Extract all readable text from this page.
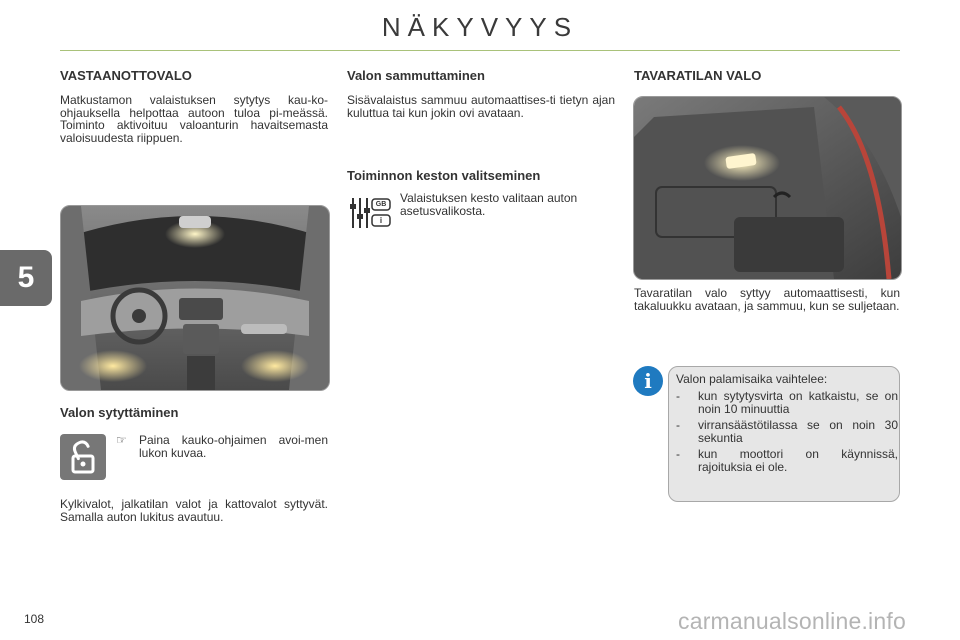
NÄKYVYYS
5
VASTAANOTTOVALO

Matkustamon valaistuksen sytytys kau-ko-ohjauksella helpottaa autoon tuloa pi-meässä. Toiminto aktivoituu valoanturin havaitsemasta valoisuudesta riippuen.

Valon sytyttäminen
☞	Paina kauko-ohjaimen avoi-men lukon kuvaa.

Kylkivalot, jalkatilan valot ja kattovalot syttyvät. Samalla auton lukitus avautuu.

Valon sammuttaminen

Sisävalaistus sammuu automaattises-ti tietyn ajan kuluttua tai kun jokin ovi avataan.

Toiminnon keston valitseminen
GB
i

Valaistuksen kesto valitaan auton asetusvalikosta.

TAVARATILAN VALO

Tavaratilan valo syttyy automaattisesti, kun takaluukku avataan, ja sammuu, kun se suljetaan.

i Valon palamisaika vaihtelee:
- kun sytytysvirta on katkaistu, se on noin 10 minuuttia
- virransäästötilassa se on noin 30 sekuntia
- kun moottori on käynnissä, rajoituksia ei ole.
108	carmanualsonline.info
